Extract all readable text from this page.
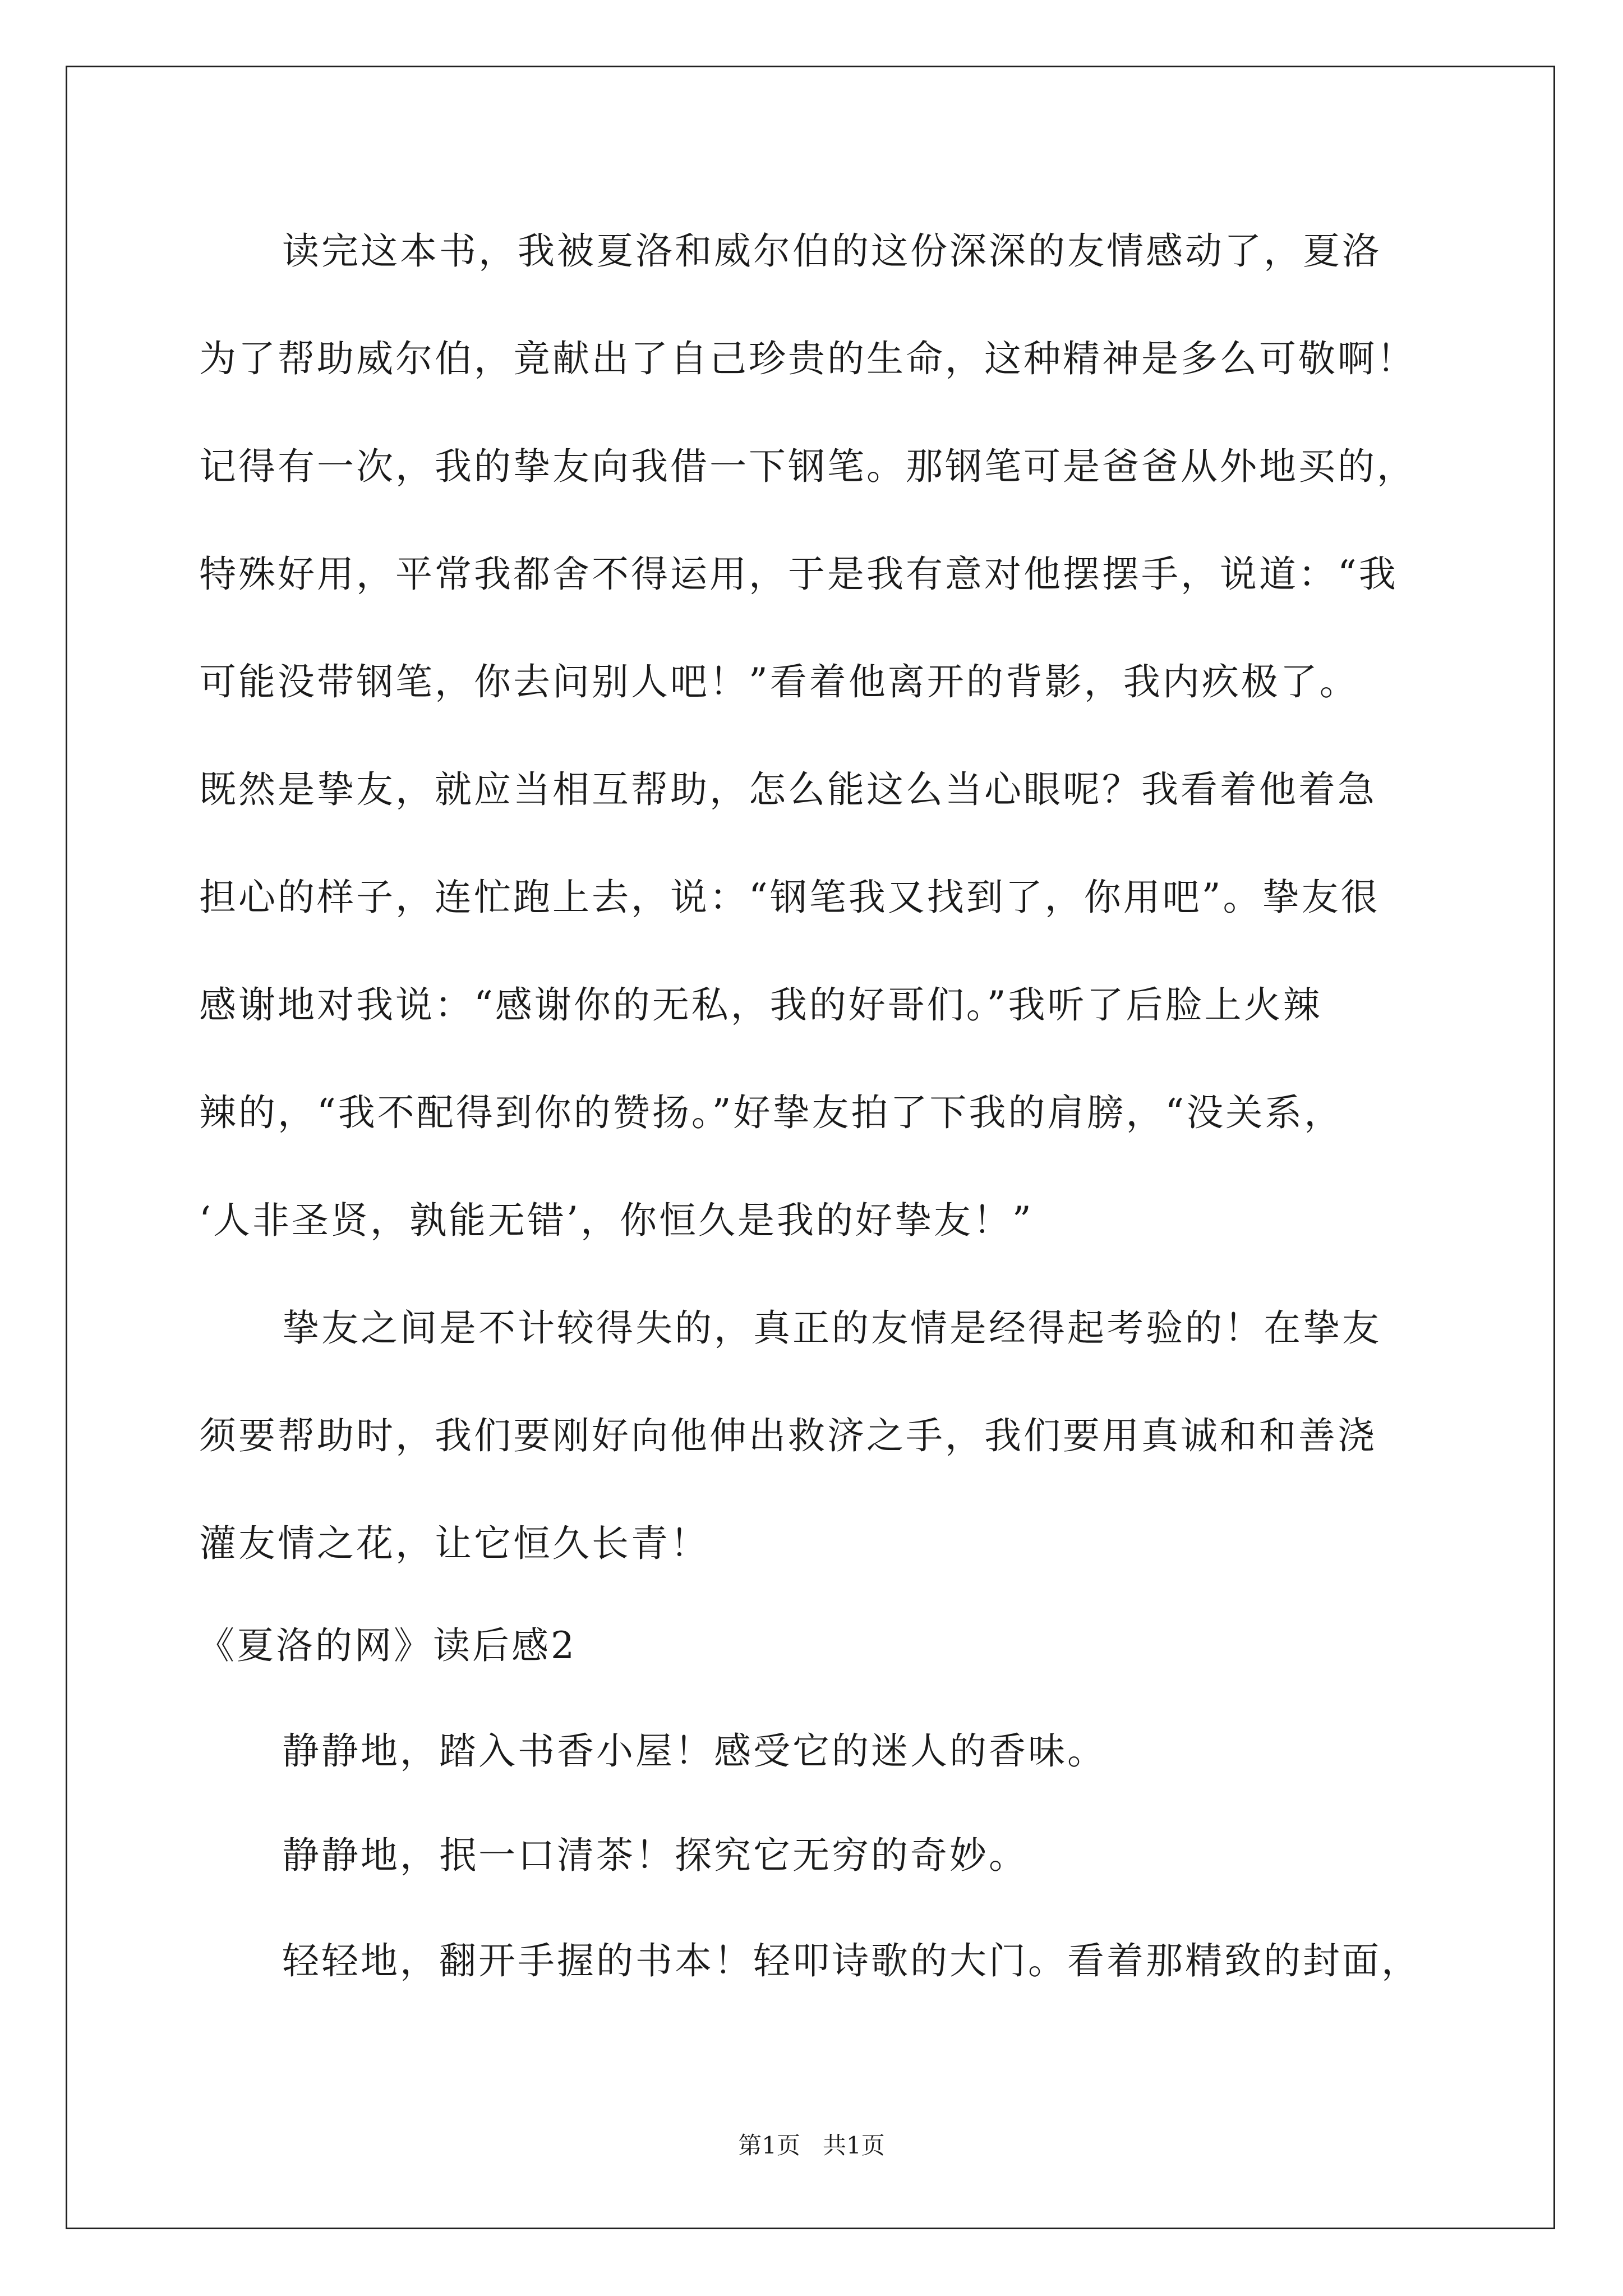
读完这本书，我被夏洛和威尔伯的这份深深的友情感动了，夏洛
为了帮助威尔伯，竟献出了自己珍贵的生命，这种精神是多么可敬啊！
记得有一次，我的挚友向我借一下钢笔。那钢笔可是爸爸从外地买的，
特殊好用，平常我都舍不得运用，于是我有意对他摆摆手，说道：“我
可能没带钢笔，你去问别人吧！”看着他离开的背影，我内疚极了。
既然是挚友，就应当相互帮助，怎么能这么当心眼呢？我看着他着急
担心的样子，连忙跑上去，说：“钢笔我又找到了，你用吧”。挚友很
感谢地对我说：“感谢你的无私，我的好哥们。”我听了后脸上火辣
辣的，“我不配得到你的赞扬。”好挚友拍了下我的肩膀，“没关系，
‘人非圣贤，孰能无错’，你恒久是我的好挚友！”
挚友之间是不计较得失的，真正的友情是经得起考验的！在挚友
须要帮助时，我们要刚好向他伸出救济之手，我们要用真诚和和善浇
灌友情之花，让它恒久长青！
《夏洛的网》读后感2
静静地，踏入书香小屋！感受它的迷人的香味。
静静地，抿一口清茶！探究它无穷的奇妙。
轻轻地，翻开手握的书本！轻叩诗歌的大门。看着那精致的封面，
第1页   共1页
